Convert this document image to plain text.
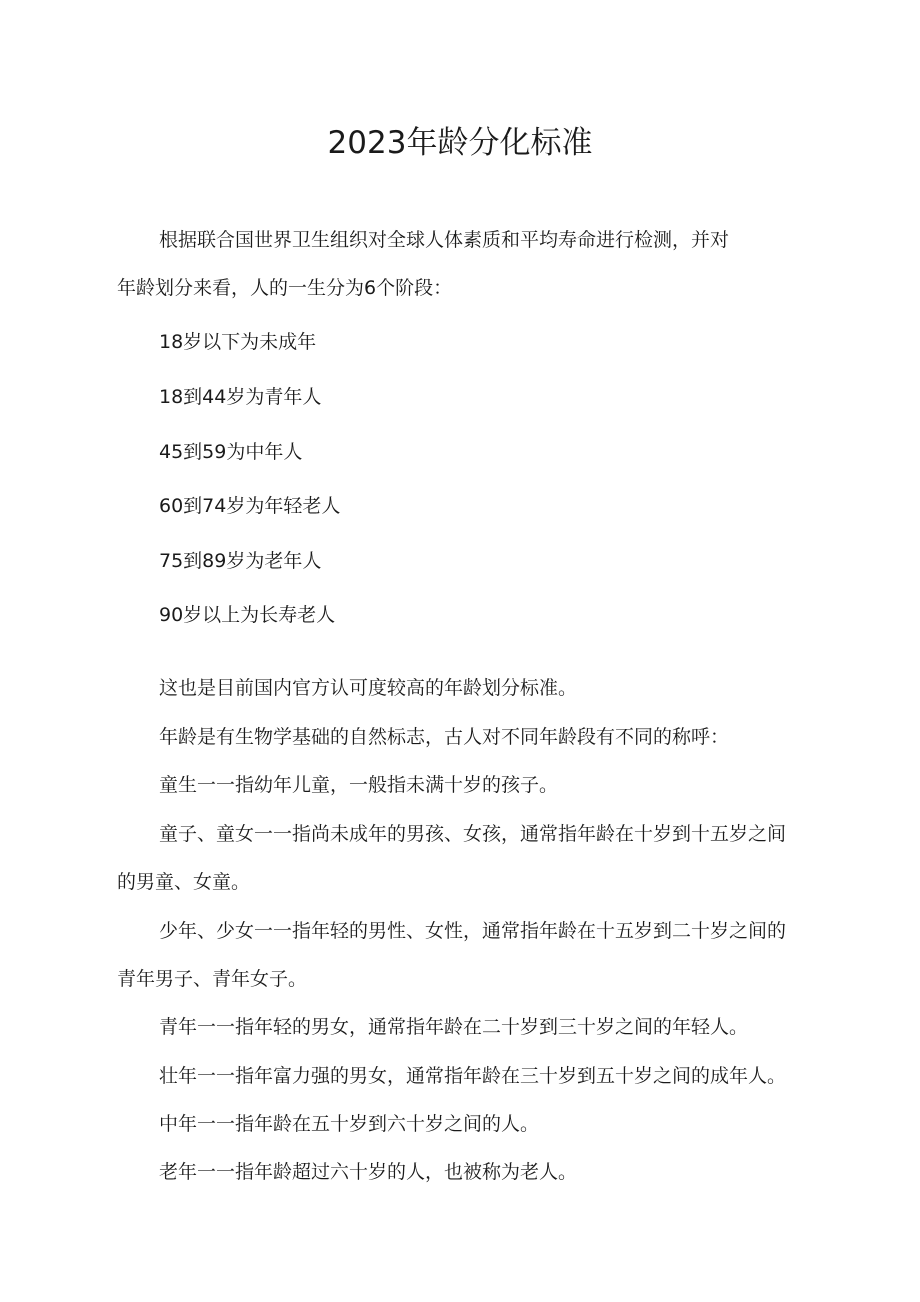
2023年龄分化标准

根据联合国世界卫生组织对全球人体素质和平均寿命进行检测，并对

年龄划分来看，人的一生分为6个阶段：

18岁以下为未成年

18到44岁为青年人

45到59为中年人

60到74岁为年轻老人

75到89岁为老年人

90岁以上为长寿老人

这也是目前国内官方认可度较高的年龄划分标准。

年龄是有生物学基础的自然标志，古人对不同年龄段有不同的称呼：

童生一一指幼年儿童，一般指未满十岁的孩子。

童子、童女一一指尚未成年的男孩、女孩，通常指年龄在十岁到十五岁之间

的男童、女童。

少年、少女一一指年轻的男性、女性，通常指年龄在十五岁到二十岁之间的

青年男子、青年女子。

青年一一指年轻的男女，通常指年龄在二十岁到三十岁之间的年轻人。

壮年一一指年富力强的男女，通常指年龄在三十岁到五十岁之间的成年人。

中年一一指年龄在五十岁到六十岁之间的人。

老年一一指年龄超过六十岁的人，也被称为老人。
